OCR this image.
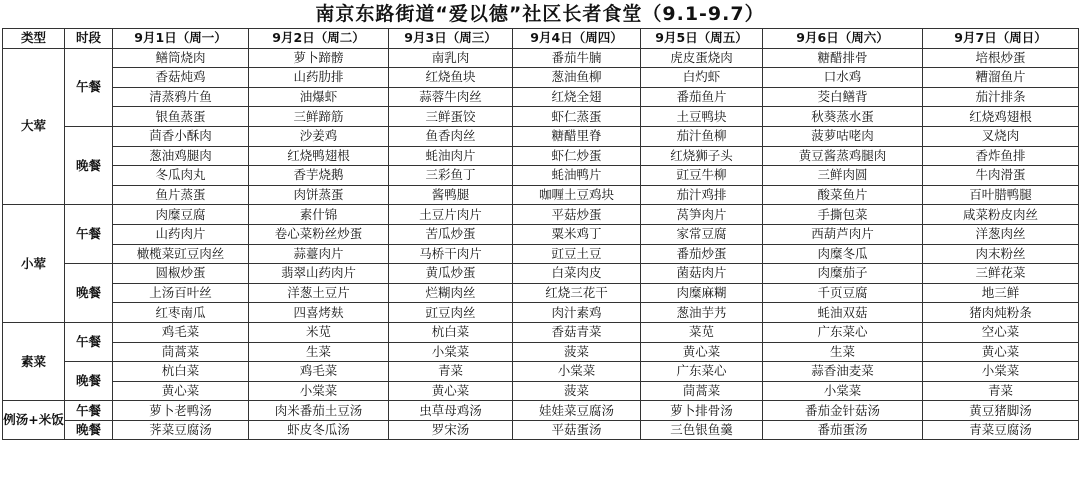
南京东路街道“爱以德”社区长者食堂（9.1-9.7）
类型	时段	9月1日（周一）	9月2日（周二）	9月3日（周三）	9月4日（周四）	9月5日（周五）	9月6日（周六）	9月7日（周日）
大荤	午餐	鳝筒烧肉	萝卜蹄髈	南乳肉	番茄牛腩	虎皮蛋烧肉	糖醋排骨	培根炒蛋
		香菇炖鸡	山药肋排	红烧鱼块	葱油鱼柳	白灼虾	口水鸡	糟溜鱼片
		清蒸鸦片鱼	油爆虾	蒜蓉牛肉丝	红烧全翅	番茄鱼片	茭白鳝背	茄汁排条
		银鱼蒸蛋	三鲜蹄筋	三鲜蛋饺	虾仁蒸蛋	土豆鸭块	秋葵蒸水蛋	红烧鸡翅根
	晚餐	茴香小酥肉	沙姜鸡	鱼香肉丝	糖醋里脊	茄汁鱼柳	菠萝咕咾肉	叉烧肉
		葱油鸡腿肉	红烧鸭翅根	蚝油肉片	虾仁炒蛋	红烧狮子头	黄豆酱蒸鸡腿肉	香炸鱼排
		冬瓜肉丸	香芋烧鹅	三彩鱼丁	蚝油鸭片	豇豆牛柳	三鲜肉圆	牛肉滑蛋
		鱼片蒸蛋	肉饼蒸蛋	酱鸭腿	咖喱土豆鸡块	茄汁鸡排	酸菜鱼片	百叶腊鸭腿
小荤	午餐	肉糜豆腐	素什锦	土豆片肉片	平菇炒蛋	莴笋肉片	手撕包菜	咸菜粉皮肉丝
		山药肉片	卷心菜粉丝炒蛋	苦瓜炒蛋	粟米鸡丁	家常豆腐	西葫芦肉片	洋葱肉丝
		橄榄菜豇豆肉丝	蒜薹肉片	马桥干肉片	豇豆土豆	番茄炒蛋	肉糜冬瓜	肉末粉丝
	晚餐	圆椒炒蛋	翡翠山药肉片	黄瓜炒蛋	白菜肉皮	菌菇肉片	肉糜茄子	三鲜花菜
		上汤百叶丝	洋葱土豆片	烂糊肉丝	红烧三花干	肉糜麻糊	千页豆腐	地三鲜
		红枣南瓜	四喜烤麸	豇豆肉丝	肉汁素鸡	葱油芋艿	蚝油双菇	猪肉炖粉条
素菜	午餐	鸡毛菜	米苋	杭白菜	香菇青菜	菜苋	广东菜心	空心菜
		茼蒿菜	生菜	小棠菜	菠菜	黄心菜	生菜	黄心菜
	晚餐	杭白菜	鸡毛菜	青菜	小棠菜	广东菜心	蒜香油麦菜	小棠菜
		黄心菜	小棠菜	黄心菜	菠菜	茼蒿菜	小棠菜	青菜
例汤+米饭	午餐	萝卜老鸭汤	肉米番茄土豆汤	虫草母鸡汤	娃娃菜豆腐汤	萝卜排骨汤	番茄金针菇汤	黄豆猪脚汤
	晚餐	荠菜豆腐汤	虾皮冬瓜汤	罗宋汤	平菇蛋汤	三色银鱼羹	番茄蛋汤	青菜豆腐汤
